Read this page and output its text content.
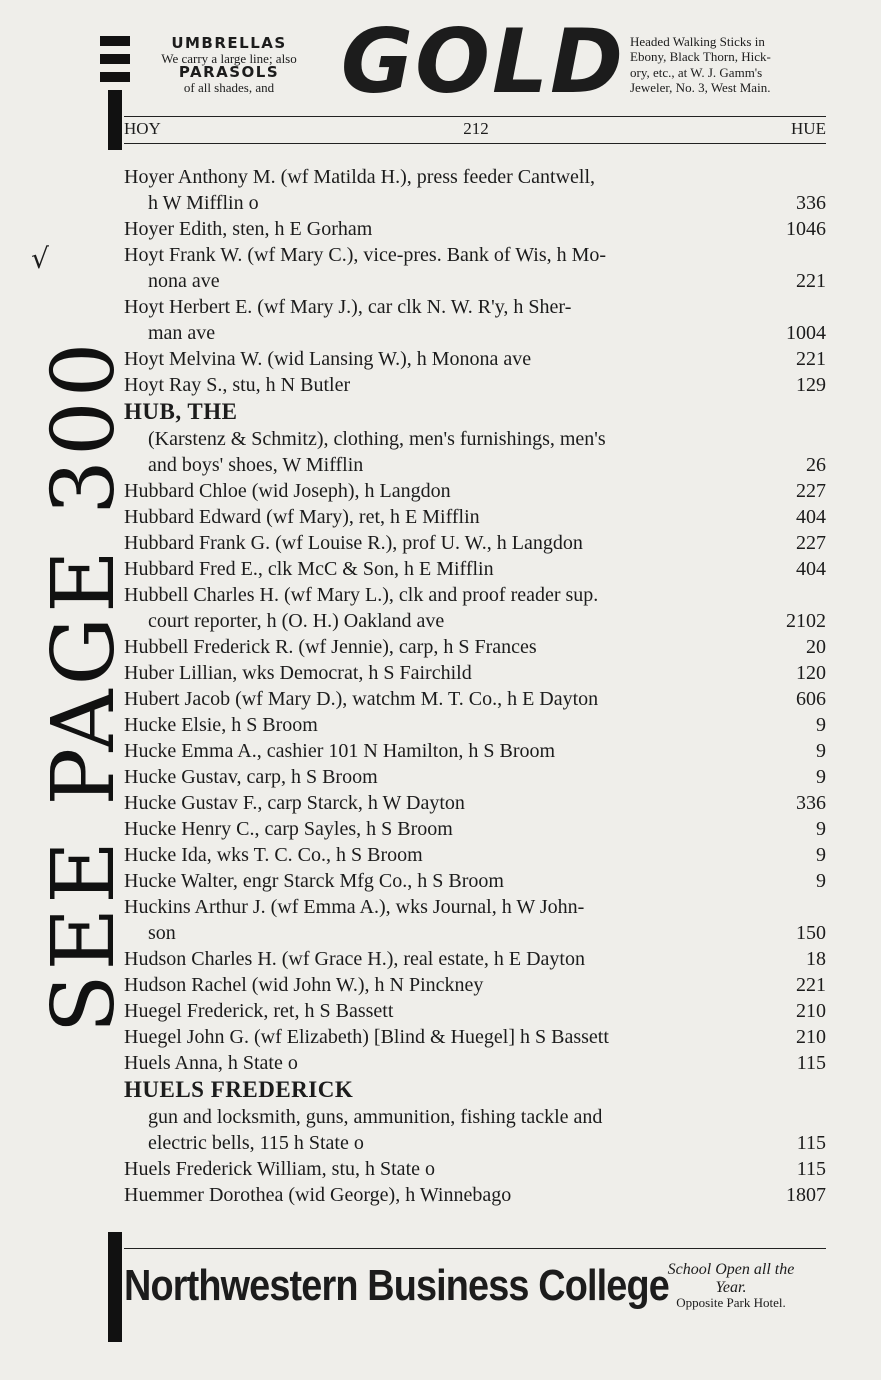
SEE PAGE 300
√
UMBRELLAS
We carry a large line; also
PARASOLS
of all shades, and GOLD Headed Walking Sticks in
Ebony, Black Thorn, Hick-
ory, etc., at W. J. Gamm's
Jeweler, No. 3, West Main.
HOY	212	HUE
Hoyer Anthony M. (wf Matilda H.), press feeder Cantwell,
h W Mifflin o	336
Hoyer Edith, sten, h E Gorham	1046
Hoyt Frank W. (wf Mary C.), vice-pres. Bank of Wis, h Mo-
nona ave	221
Hoyt Herbert E. (wf Mary J.), car clk N. W. R'y, h Sher-
man ave	1004
Hoyt Melvina W. (wid Lansing W.), h Monona ave	221
Hoyt Ray S., stu, h N Butler	129
HUB, THE
(Karstenz & Schmitz), clothing, men's furnishings, men's
and boys' shoes, W Mifflin	26
Hubbard Chloe (wid Joseph), h Langdon	227
Hubbard Edward (wf Mary), ret, h E Mifflin	404
Hubbard Frank G. (wf Louise R.), prof U. W., h Langdon	227
Hubbard Fred E., clk McC & Son, h E Mifflin	404
Hubbell Charles H. (wf Mary L.), clk and proof reader sup.
court reporter, h (O. H.) Oakland ave	2102
Hubbell Frederick R. (wf Jennie), carp, h S Frances	20
Huber Lillian, wks Democrat, h S Fairchild	120
Hubert Jacob (wf Mary D.), watchm M. T. Co., h E Dayton	606
Hucke Elsie, h S Broom	9
Hucke Emma A., cashier 101 N Hamilton, h S Broom	9
Hucke Gustav, carp, h S Broom	9
Hucke Gustav F., carp Starck, h W Dayton	336
Hucke Henry C., carp Sayles, h S Broom	9
Hucke Ida, wks T. C. Co., h S Broom	9
Hucke Walter, engr Starck Mfg Co., h S Broom	9
Huckins Arthur J. (wf Emma A.), wks Journal, h W John-
son	150
Hudson Charles H. (wf Grace H.), real estate, h E Dayton	18
Hudson Rachel (wid John W.), h N Pinckney	221
Huegel Frederick, ret, h S Bassett	210
Huegel John G. (wf Elizabeth) [Blind & Huegel] h S Bassett	210
Huels Anna, h State o	115
HUELS FREDERICK
gun and locksmith, guns, ammunition, fishing tackle and
electric bells, 115 h State o	115
Huels Frederick William, stu, h State o	115
Huemmer Dorothea (wid George), h Winnebago	1807
Northwestern Business College
School Open all the
Year.
Opposite Park Hotel.
